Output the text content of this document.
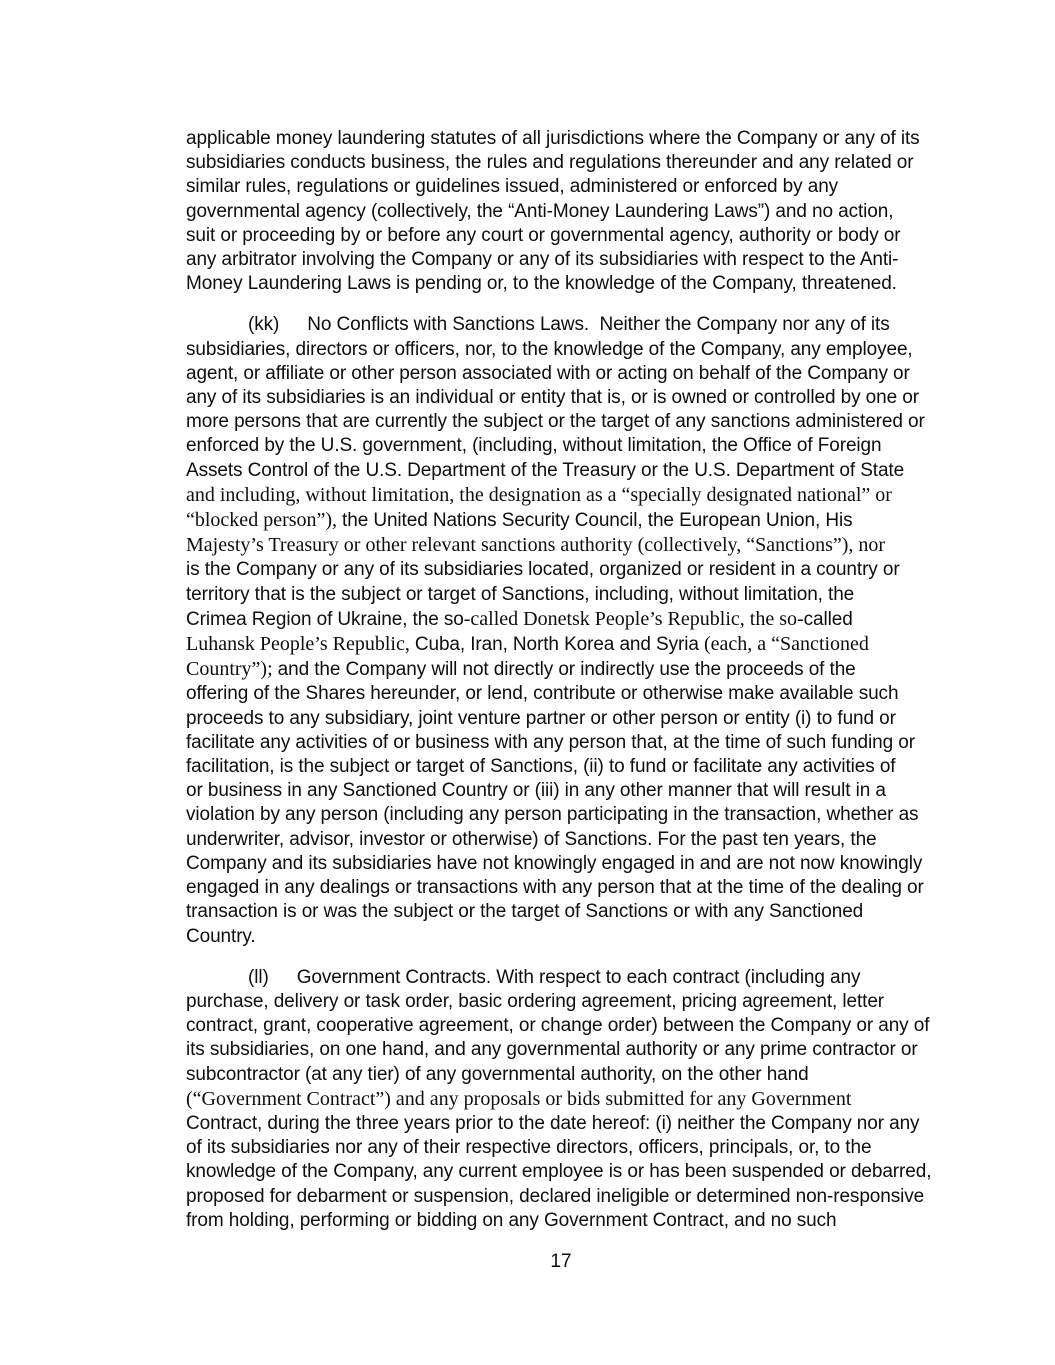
applicable money laundering statutes of all jurisdictions where the Company or any of its
subsidiaries conducts business, the rules and regulations thereunder and any related or
similar rules, regulations or guidelines issued, administered or enforced by any
governmental agency (collectively, the “Anti-Money Laundering Laws”) and no action,
suit or proceeding by or before any court or governmental agency, authority or body or
any arbitrator involving the Company or any of its subsidiaries with respect to the Anti-
Money Laundering Laws is pending or, to the knowledge of the Company, threatened.
(kk) No Conflicts with Sanctions Laws.  Neither the Company nor any of its
subsidiaries, directors or officers, nor, to the knowledge of the Company, any employee,
agent, or affiliate or other person associated with or acting on behalf of the Company or
any of its subsidiaries is an individual or entity that is, or is owned or controlled by one or
more persons that are currently the subject or the target of any sanctions administered or
enforced by the U.S. government, (including, without limitation, the Office of Foreign
Assets Control of the U.S. Department of the Treasury or the U.S. Department of State
and including, without limitation, the designation as a “specially designated national” or
“blocked person”), the United Nations Security Council, the European Union, His
Majesty’s Treasury or other relevant sanctions authority (collectively, “Sanctions”), nor
is the Company or any of its subsidiaries located, organized or resident in a country or
territory that is the subject or target of Sanctions, including, without limitation, the
Crimea Region of Ukraine, the so-called Donetsk People’s Republic, the so-called
Luhansk People’s Republic, Cuba, Iran, North Korea and Syria (each, a “Sanctioned
Country”); and the Company will not directly or indirectly use the proceeds of the
offering of the Shares hereunder, or lend, contribute or otherwise make available such
proceeds to any subsidiary, joint venture partner or other person or entity (i) to fund or
facilitate any activities of or business with any person that, at the time of such funding or
facilitation, is the subject or target of Sanctions, (ii) to fund or facilitate any activities of
or business in any Sanctioned Country or (iii) in any other manner that will result in a
violation by any person (including any person participating in the transaction, whether as
underwriter, advisor, investor or otherwise) of Sanctions. For the past ten years, the
Company and its subsidiaries have not knowingly engaged in and are not now knowingly
engaged in any dealings or transactions with any person that at the time of the dealing or
transaction is or was the subject or the target of Sanctions or with any Sanctioned
Country.
(ll) Government Contracts. With respect to each contract (including any
purchase, delivery or task order, basic ordering agreement, pricing agreement, letter
contract, grant, cooperative agreement, or change order) between the Company or any of
its subsidiaries, on one hand, and any governmental authority or any prime contractor or
subcontractor (at any tier) of any governmental authority, on the other hand
(“Government Contract”) and any proposals or bids submitted for any Government
Contract, during the three years prior to the date hereof: (i) neither the Company nor any
of its subsidiaries nor any of their respective directors, officers, principals, or, to the
knowledge of the Company, any current employee is or has been suspended or debarred,
proposed for debarment or suspension, declared ineligible or determined non-responsive
from holding, performing or bidding on any Government Contract, and no such
17
